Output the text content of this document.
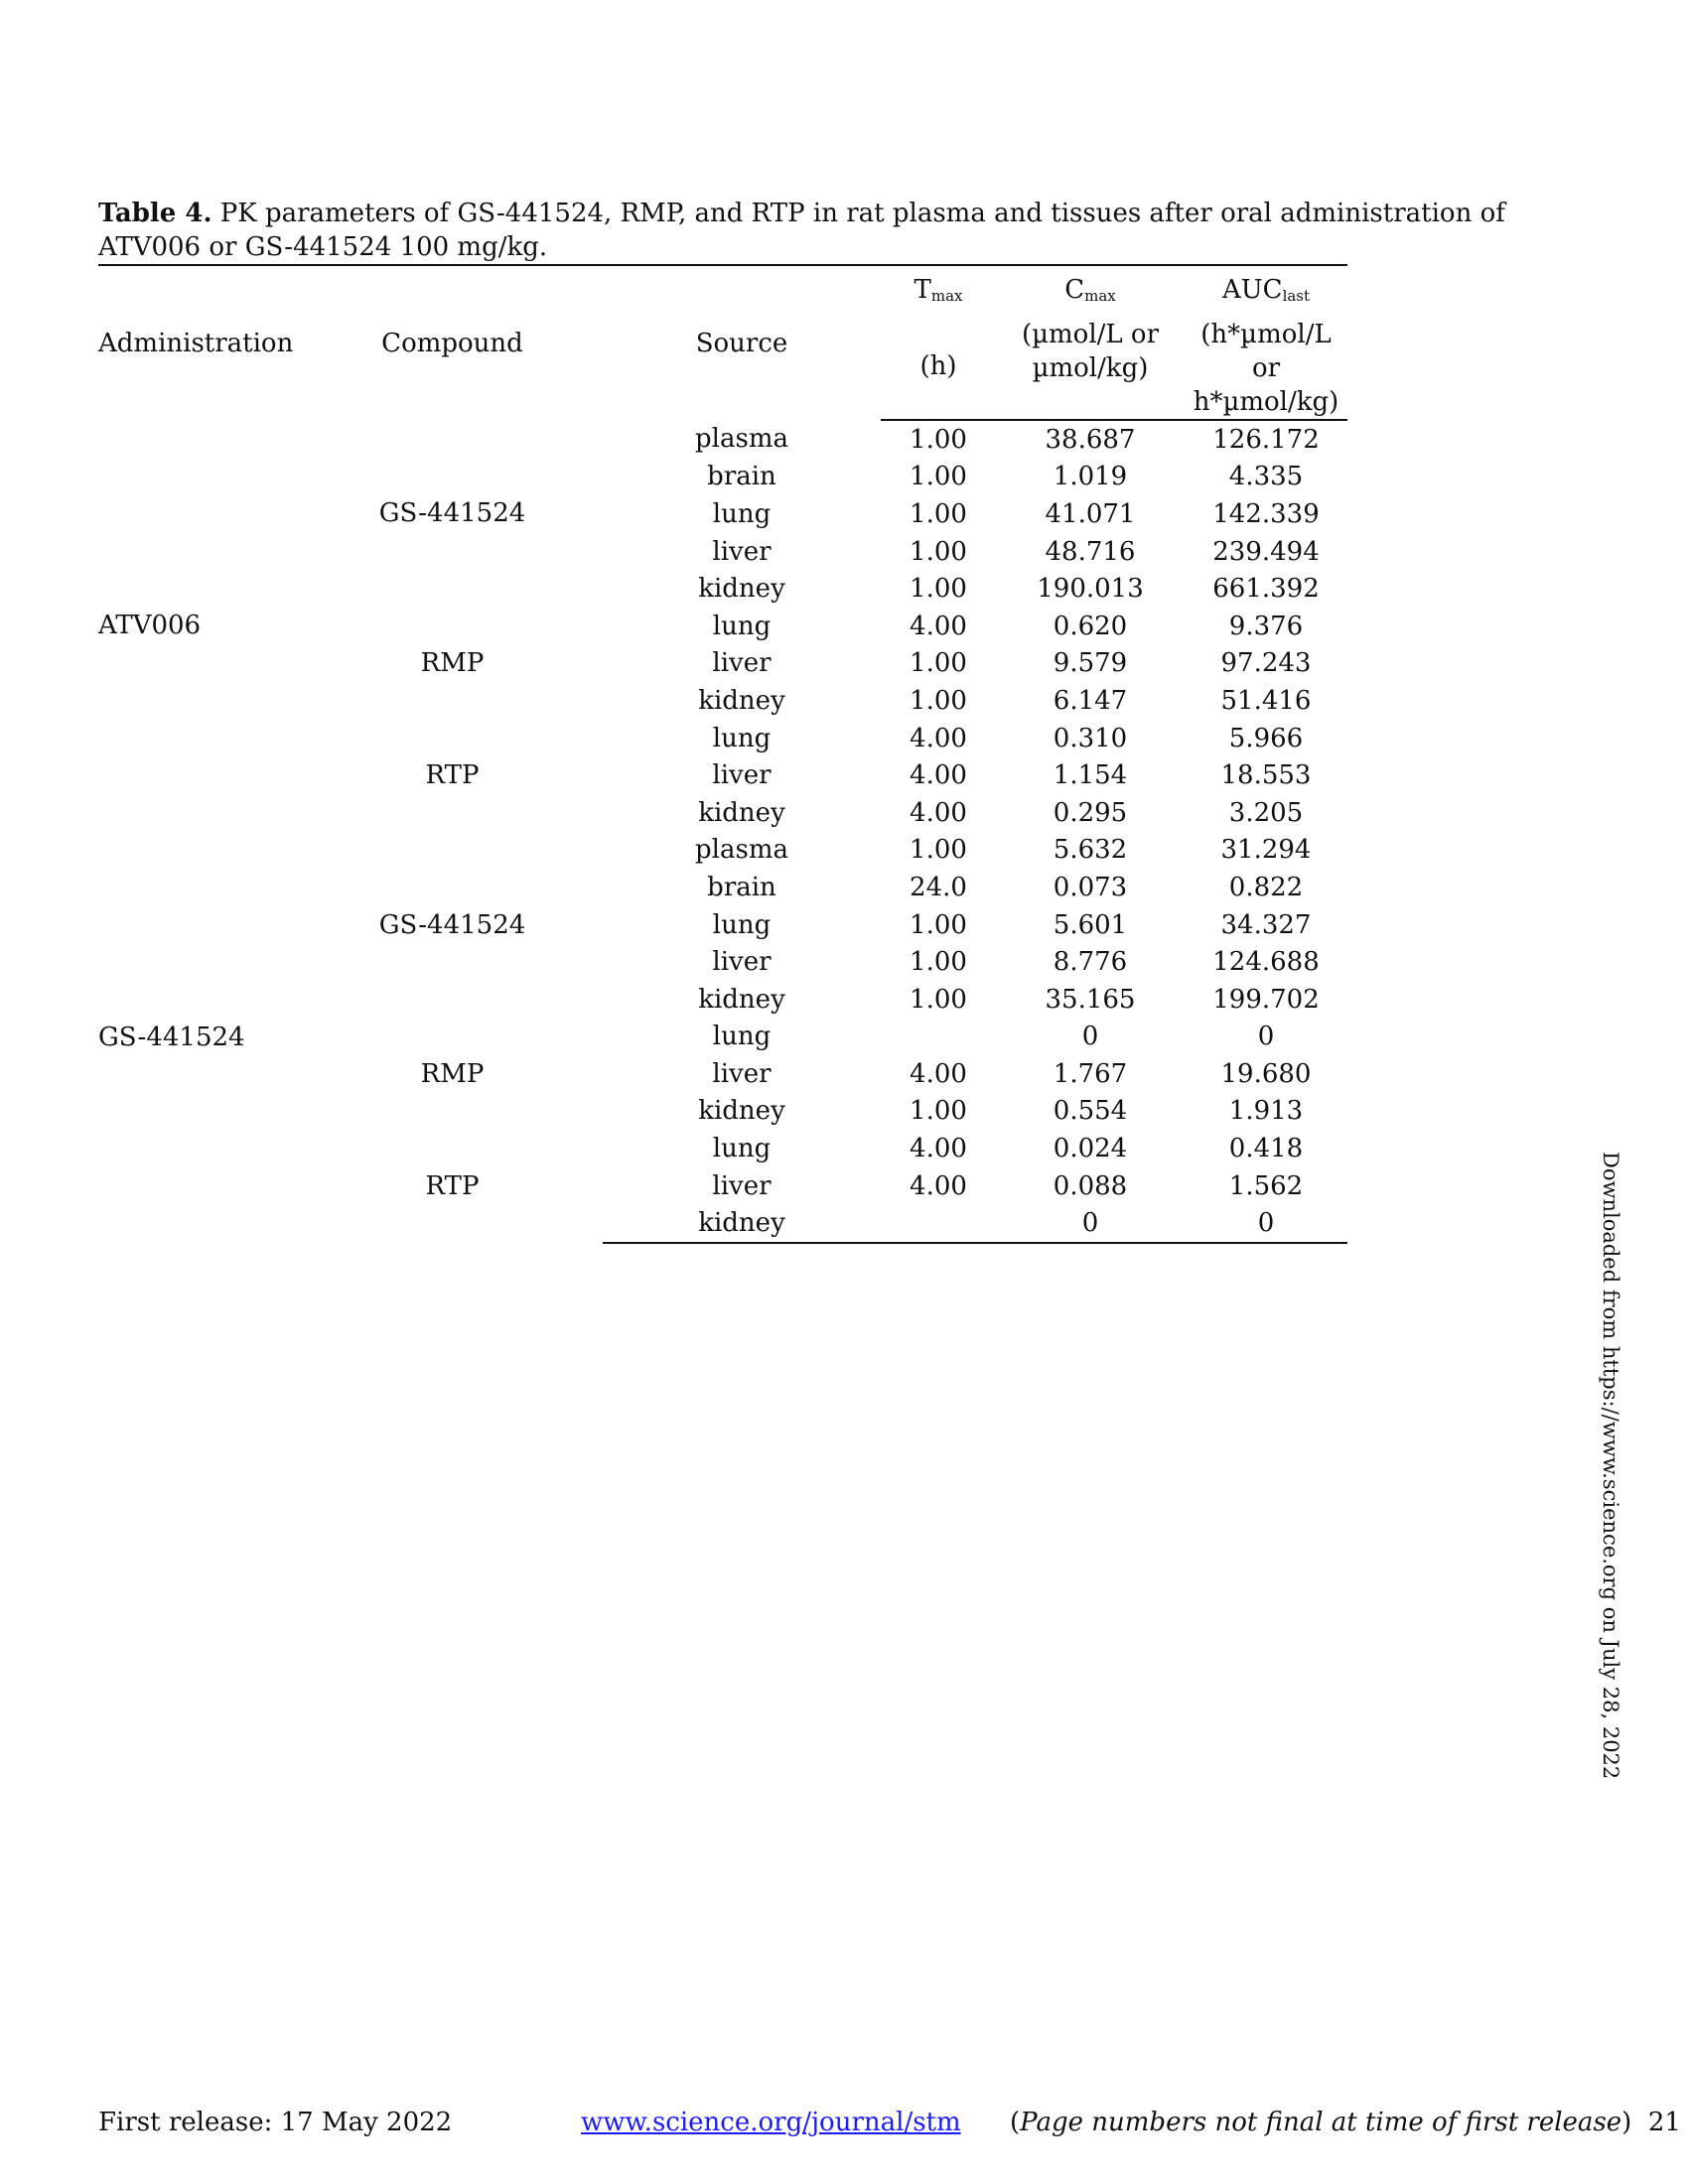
Table 4. PK parameters of GS-441524, RMP, and RTP in rat plasma and tissues after oral administration of ATV006 or GS-441524 100 mg/kg.
Administration	Compound	Source	$T_{max}$	$C_{max}$	$AUC_{last}$
			(h)	(µmol/L or µmol/kg)	(h*µmol/L or h*µmol/kg)
ATV006	GS-441524	plasma	1.00	38.687	126.172
		brain	1.00	1.019	4.335
		lung	1.00	41.071	142.339
		liver	1.00	48.716	239.494
		kidney	1.00	190.013	661.392
	RMP	lung	4.00	0.620	9.376
		liver	1.00	9.579	97.243
		kidney	1.00	6.147	51.416
	RTP	lung	4.00	0.310	5.966
		liver	4.00	1.154	18.553
		kidney	4.00	0.295	3.205
GS-441524	GS-441524	plasma	1.00	5.632	31.294
		brain	24.0	0.073	0.822
		lung	1.00	5.601	34.327
		liver	1.00	8.776	124.688
		kidney	1.00	35.165	199.702
	RMP	lung		0	0
		liver	4.00	1.767	19.680
		kidney	1.00	0.554	1.913
	RTP	lung	4.00	0.024	0.418
		liver	4.00	0.088	1.562
		kidney		0	0	Downloaded from https://www.science.org on July 28, 2022
First release: 17 May 2022	www.science.org/journal/stm (Page numbers not final at time of first release) 21
